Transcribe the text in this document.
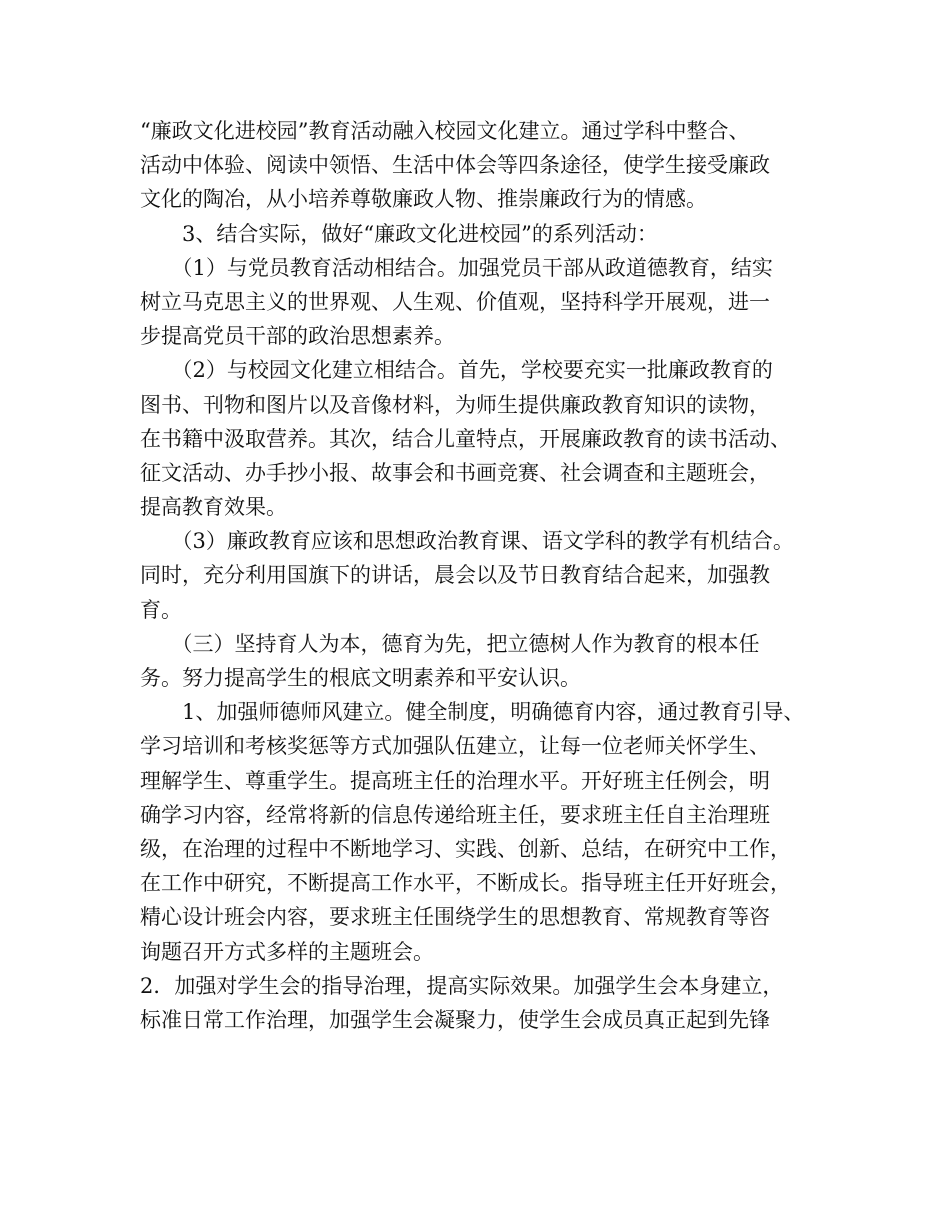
“廉政文化进校园”教育活动融入校园文化建立。通过学科中整合、
活动中体验、阅读中领悟、生活中体会等四条途径，使学生接受廉政
文化的陶冶，从小培养尊敬廉政人物、推崇廉政行为的情感。
　　3、结合实际，做好“廉政文化进校园”的系列活动：
　　（1）与党员教育活动相结合。加强党员干部从政道德教育，结实
树立马克思主义的世界观、人生观、价值观，坚持科学开展观，进一
步提高党员干部的政治思想素养。
　　（2）与校园文化建立相结合。首先，学校要充实一批廉政教育的
图书、刊物和图片以及音像材料，为师生提供廉政教育知识的读物，
在书籍中汲取营养。其次，结合儿童特点，开展廉政教育的读书活动、
征文活动、办手抄小报、故事会和书画竞赛、社会调查和主题班会，
提高教育效果。
　　（3）廉政教育应该和思想政治教育课、语文学科的教学有机结合。
同时，充分利用国旗下的讲话，晨会以及节日教育结合起来，加强教
育。
　　（三）坚持育人为本，德育为先，把立德树人作为教育的根本任
务。努力提高学生的根底文明素养和平安认识。
　　1、加强师德师风建立。健全制度，明确德育内容，通过教育引导、
学习培训和考核奖惩等方式加强队伍建立，让每一位老师关怀学生、
理解学生、尊重学生。提高班主任的治理水平。开好班主任例会，明
确学习内容，经常将新的信息传递给班主任，要求班主任自主治理班
级，在治理的过程中不断地学习、实践、创新、总结，在研究中工作，
在工作中研究，不断提高工作水平，不断成长。指导班主任开好班会，
精心设计班会内容，要求班主任围绕学生的思想教育、常规教育等咨
询题召开方式多样的主题班会。
2．加强对学生会的指导治理，提高实际效果。加强学生会本身建立，
标准日常工作治理，加强学生会凝聚力，使学生会成员真正起到先锋
